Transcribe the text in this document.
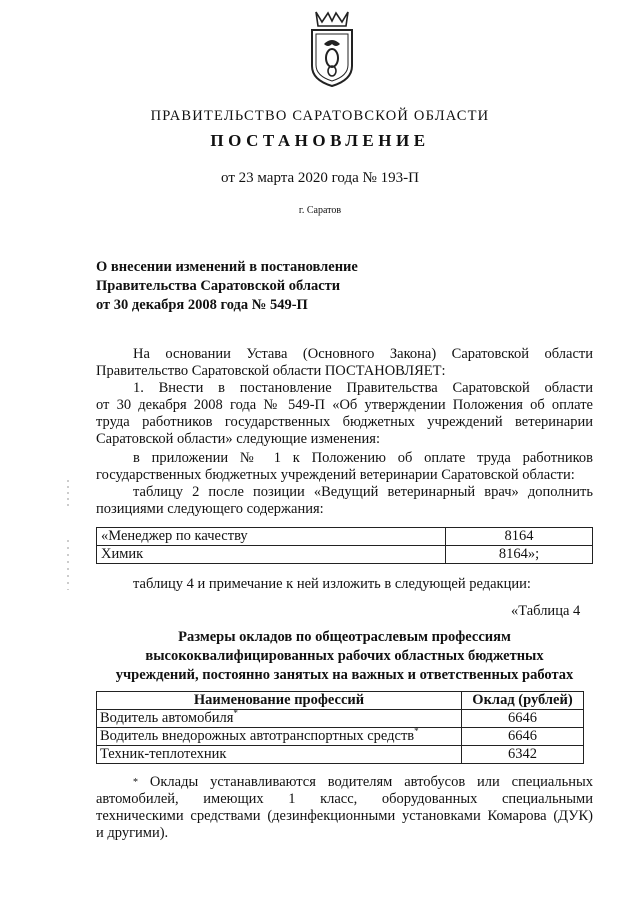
ПРАВИТЕЛЬСТВО САРАТОВСКОЙ ОБЛАСТИ
ПОСТАНОВЛЕНИЕ
от 23 марта 2020 года № 193-П
г. Саратов
О внесении изменений в постановление
Правительства Саратовской области
от 30 декабря 2008 года № 549-П
На основании Устава (Основного Закона) Саратовской области
Правительство Саратовской области ПОСТАНОВЛЯЕТ:
1. Внести в постановление Правительства Саратовской области
от 30 декабря 2008 года № 549-П «Об утверждении Положения об оплате
труда работников государственных бюджетных учреждений ветеринарии
Саратовской области» следующие изменения:
в приложении № 1 к Положению об оплате труда работников
государственных бюджетных учреждений ветеринарии Саратовской области:
таблицу 2 после позиции «Ведущий ветеринарный врач» дополнить
позициями следующего содержания:
«Менеджер по качеству	8164
Химик	8164»;
таблицу 4 и примечание к ней изложить в следующей редакции:
«Таблица 4
Размеры окладов по общеотраслевым профессиям
высококвалифицированных рабочих областных бюджетных
учреждений, постоянно занятых на важных и ответственных работах
Наименование профессий	Оклад (рублей)
Водитель автомобиля*	6646
Водитель внедорожных автотранспортных средств*	6646
Техник-теплотехник	6342
* Оклады устанавливаются водителям автобусов или специальных
автомобилей, имеющих 1 класс, оборудованных специальными
техническими средствами (дезинфекционными установками Комарова (ДУК)
и другими).
